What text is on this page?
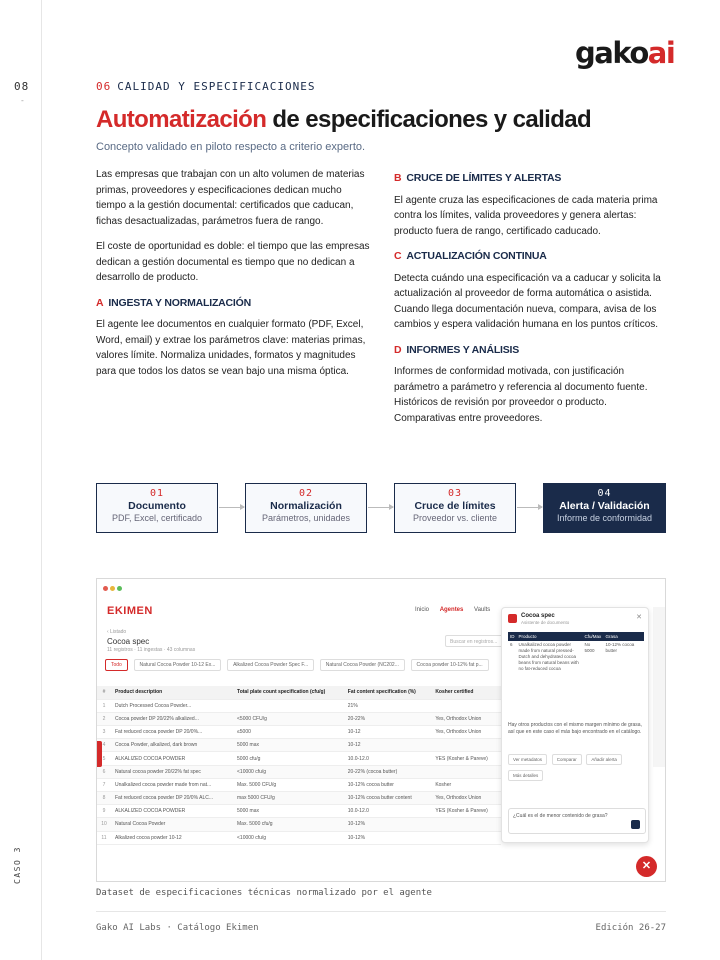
08
-
CASO 3
gakoai
06 CALIDAD Y ESPECIFICACIONES
Automatización de especificaciones y calidad
Concepto validado en piloto respecto a criterio experto.

Las empresas que trabajan con un alto volumen de materias primas, proveedores y especificaciones dedican mucho tiempo a la gestión documental: certificados que caducan, fichas desactualizadas, parámetros fuera de rango.

El coste de oportunidad es doble: el tiempo que las empresas dedican a gestión documental es tiempo que no dedican a desarrollo de producto.

A INGESTA Y NORMALIZACIÓN

El agente lee documentos en cualquier formato (PDF, Excel, Word, email) y extrae los parámetros clave: materias primas, valores límite. Normaliza unidades, formatos y magnitudes para que todos los datos se vean bajo una misma óptica.

B CRUCE DE LÍMITES Y ALERTAS

El agente cruza las especificaciones de cada materia prima contra los límites, valida proveedores y genera alertas: producto fuera de rango, certificado caducado.

C ACTUALIZACIÓN CONTINUA

Detecta cuándo una especificación va a caducar y solicita la actualización al proveedor de forma automática o asistida. Cuando llega documentación nueva, compara, avisa de los cambios y espera validación humana en los puntos críticos.

D INFORMES Y ANÁLISIS

Informes de conformidad motivada, con justificación parámetro a parámetro y referencia al documento fuente. Históricos de revisión por proveedor o producto. Comparativas entre proveedores.

01
Documento
PDF, Excel, certificado
02
Normalización
Parámetros, unidades
03
Cruce de límites
Proveedor vs. cliente
04
Alerta / Validación
Informe de conformidad
EKIMEN	Inicio Agentes Vaults
‹ Listado
Cocoa spec
11 registros · 11 ingestas · 43 columnas
Buscar en registros...
Todo	Natural Cocoa Powder 10-12 Ex...	Alkalized Cocoa Powder Spec F...	Natural Cocoa Powder (NC202...	Cocoa powder 10-12% fat p...
#	Product description	Total plate count specification (cfu/g)	Fat content specification (%)	Kosher certified
1	Dutch Processed Cocoa Powder...		21%	
2	Cocoa powder DP 20/22% alkalized...	<5000 CFU/g	20-22%	Yes, Orthodox Union
3	Fat reduced cocoa powder DP 20/0%...	≤5000	10-12	Yes, Orthodox Union
4	Cocoa Powder, alkalized, dark brown	5000 max	10-12	
5	ALKALIZED COCOA POWDER	5000 cfu/g	10.0-12.0	YES (Kosher & Pareve)
6	Natural cocoa powder 20/22% fat spec	<10000 cfu/g	20-22% (cocoa butter)	
7	Unalkalized cocoa powder made from nat...	Max. 5000 CFU/g	10-12% cocoa butter	Kosher
8	Fat reduced cocoa powder DP 20/0% ALC...	max 5000 CFU/g	10-12% cocoa butter content	Yes, Orthodox Union
9	ALKALIZED COCOA POWDER	5000 max	10.0-12.0	YES (Kosher & Pareve)
10	Natural Cocoa Powder	Max. 5000 cfu/g	10-12%	
11	Alkalized cocoa powder 10-12	<10000 cfu/g	10-12%	
Cocoa spec
Asistente de documento
✕
ID	Producto	Cfu/Max	Grasa
6	Unalkalized cocoa powder made from natural pressed-Dutch and dehydrated cocoa beans from natural beans with no fat-reduced cocoa	No 5000	10-12% cocoa butter
Hay otros productos con el mismo margen mínimo de grasa, así que en este caso el más bajo encontrado en el catálogo.
Ver metadatos	Comparar	Añadir alerta Más detalles
¿Cuál es el de menor contenido de grasa?
✕
Dataset de especificaciones técnicas normalizado por el agente
Gako AI Labs · Catálogo Ekimen	Edición 26-27
